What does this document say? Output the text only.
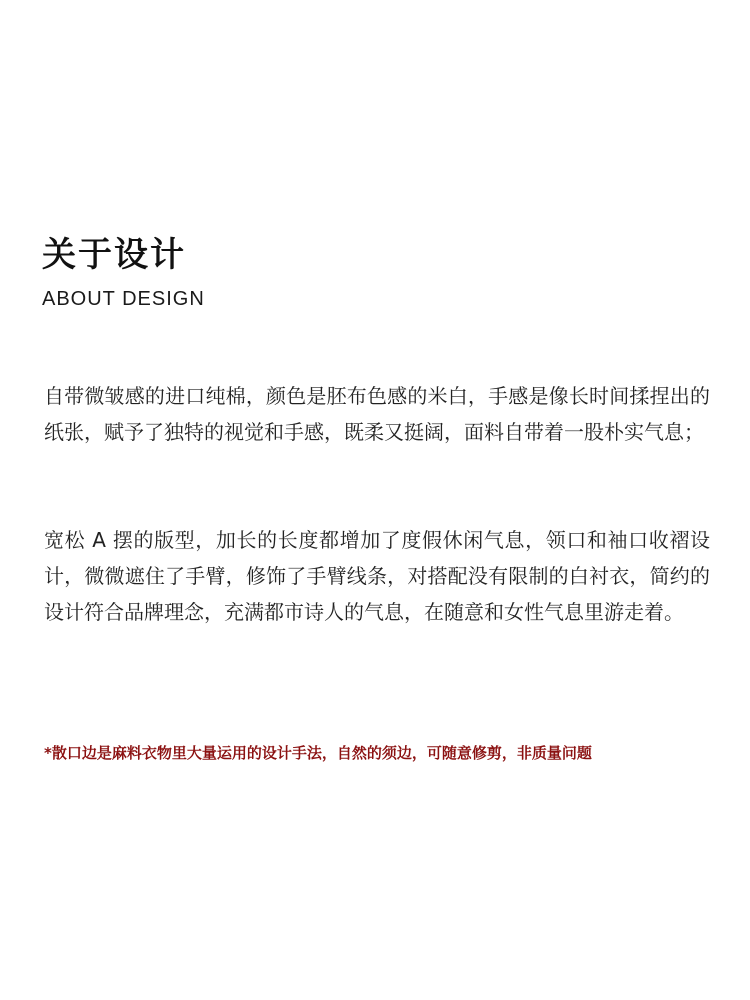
关于设计
ABOUT DESIGN

自带微皱感的进口纯棉，颜色是胚布色感的米白，手感是像长时间揉捏出的纸张，赋予了独特的视觉和手感，既柔又挺阔，面料自带着一股朴实气息；

宽松 A 摆的版型，加长的长度都增加了度假休闲气息，领口和袖口收褶设计，微微遮住了手臂，修饰了手臂线条，对搭配没有限制的白衬衣，简约的设计符合品牌理念，充满都市诗人的气息，在随意和女性气息里游走着。

*散口边是麻料衣物里大量运用的设计手法，自然的须边，可随意修剪，非质量问题
